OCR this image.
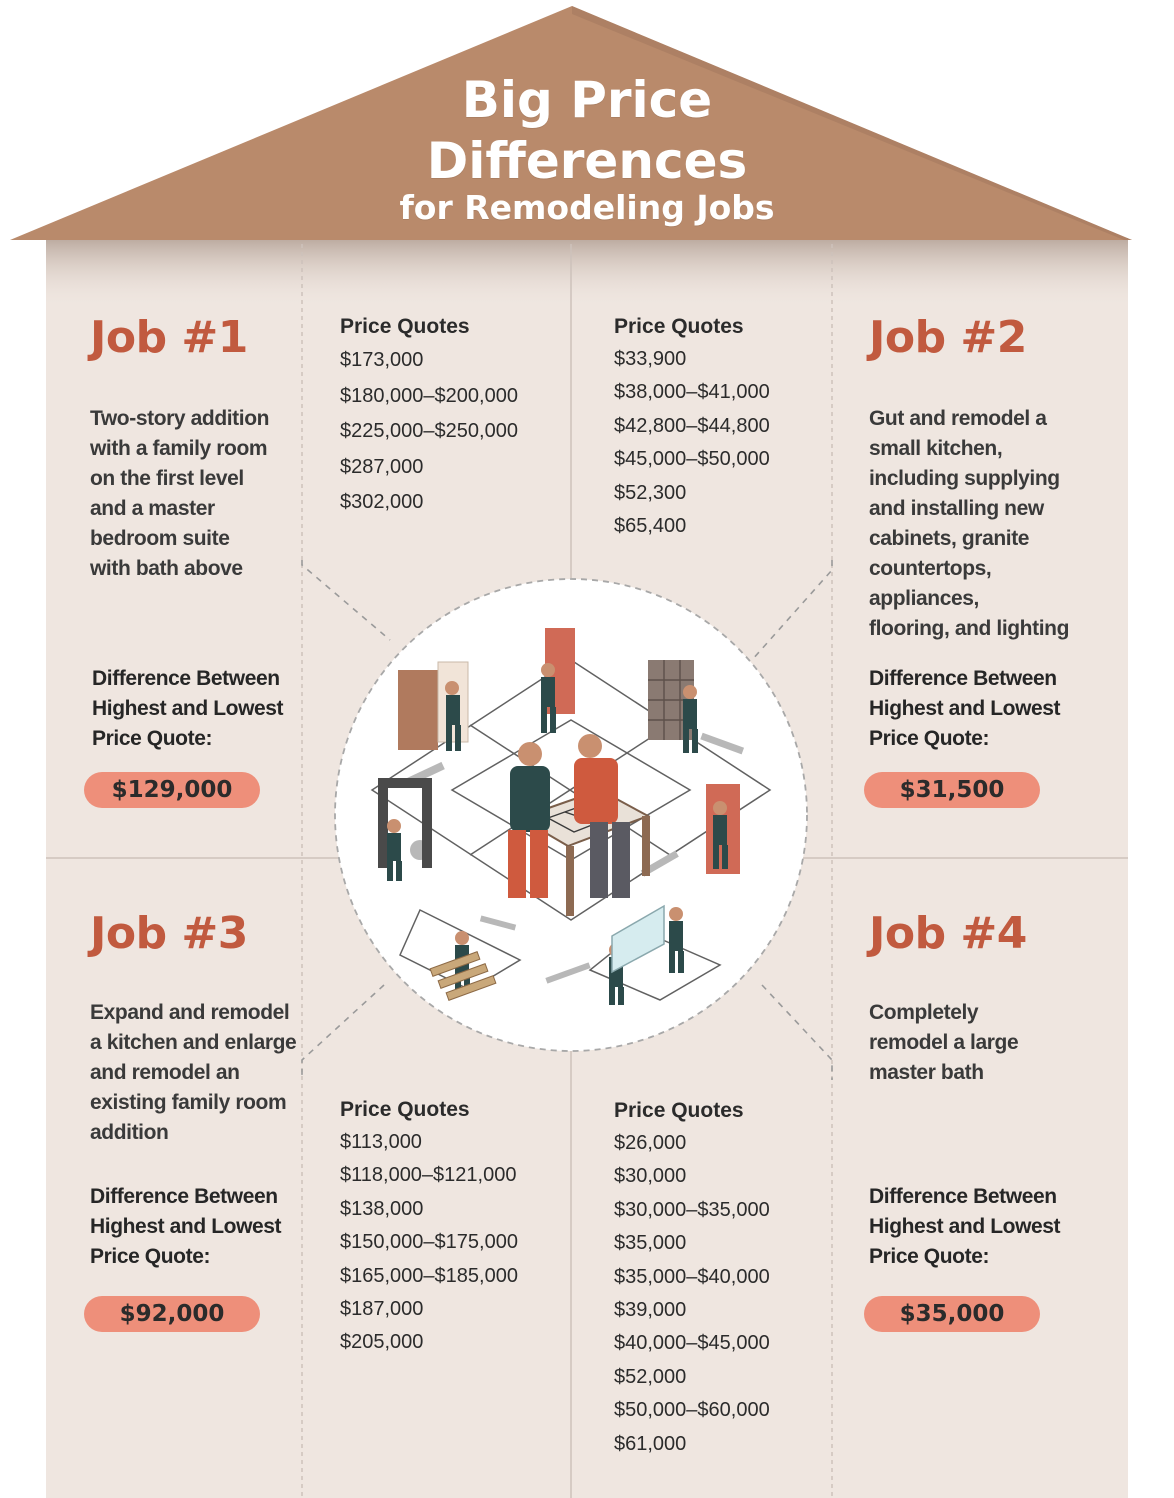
Big Price
Differences
for Remodeling Jobs
Job #1
Two-story addition
with a family room
on the first level
and a master
bedroom suite
with bath above
Difference Between
Highest and Lowest
Price Quote:
$129,000
Price Quotes
$173,000
$180,000–$200,000
$225,000–$250,000
$287,000
$302,000
Job #2
Gut and remodel a
small kitchen,
including supplying
and installing new
cabinets, granite
countertops,
appliances,
flooring, and lighting
Difference Between
Highest and Lowest
Price Quote:
$31,500
Price Quotes
$33,900
$38,000–$41,000
$42,800–$44,800
$45,000–$50,000
$52,300
$65,400
Job #3
Expand and remodel
a kitchen and enlarge
and remodel an
existing family room
addition
Difference Between
Highest and Lowest
Price Quote:
$92,000
Price Quotes
$113,000
$118,000–$121,000
$138,000
$150,000–$175,000
$165,000–$185,000
$187,000
$205,000
Job #4
Completely
remodel a large
master bath
Difference Between
Highest and Lowest
Price Quote:
$35,000
Price Quotes
$26,000
$30,000
$30,000–$35,000
$35,000
$35,000–$40,000
$39,000
$40,000–$45,000
$52,000
$50,000–$60,000
$61,000
